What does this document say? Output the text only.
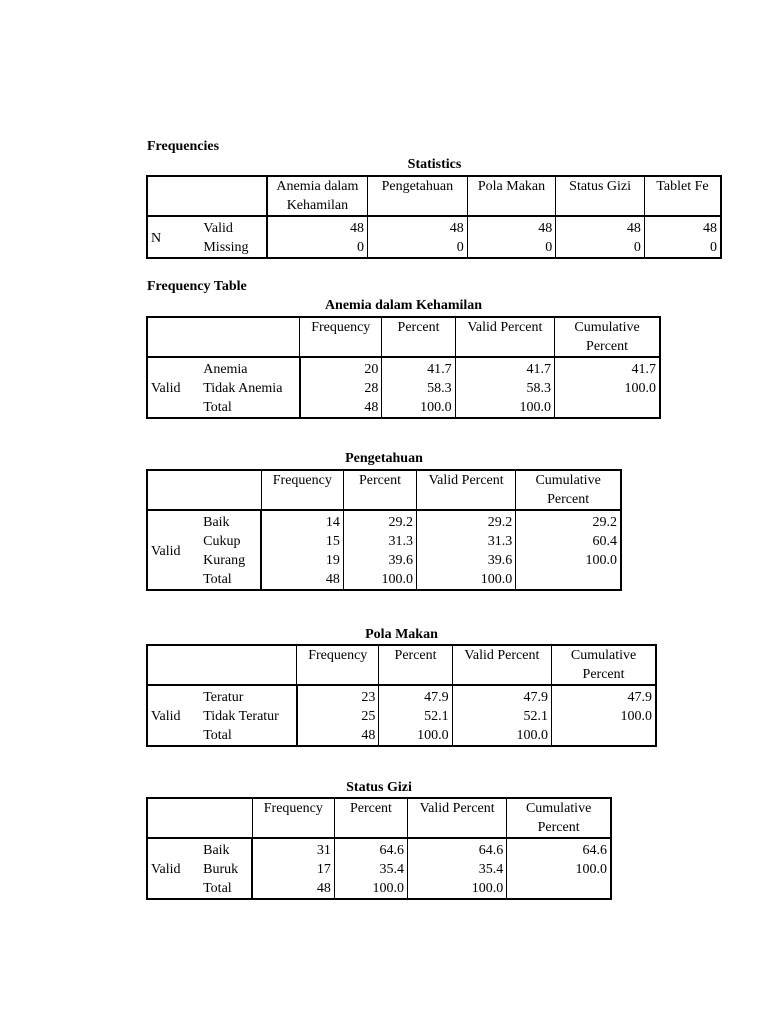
Frequencies
Frequency Table
Statistics
		Anemia dalam Kehamilan	Pengetahuan	Pola Makan	Status Gizi	Tablet Fe
N	Valid	48	48	48	48	48
	Missing	0	0	0	0	0
Anemia dalam Kehamilan
		Frequency	Percent	Valid Percent	Cumulative Percent
Valid	Anemia	20	41.7	41.7	41.7
	Tidak Anemia	28	58.3	58.3	100.0
	Total	48	100.0	100.0	
Pengetahuan
		Frequency	Percent	Valid Percent	Cumulative Percent
Valid	Baik	14	29.2	29.2	29.2
	Cukup	15	31.3	31.3	60.4
	Kurang	19	39.6	39.6	100.0
	Total	48	100.0	100.0	
Pola Makan
		Frequency	Percent	Valid Percent	Cumulative Percent
Valid	Teratur	23	47.9	47.9	47.9
	Tidak Teratur	25	52.1	52.1	100.0
	Total	48	100.0	100.0	
Status Gizi
		Frequency	Percent	Valid Percent	Cumulative Percent
Valid	Baik	31	64.6	64.6	64.6
	Buruk	17	35.4	35.4	100.0
	Total	48	100.0	100.0	
